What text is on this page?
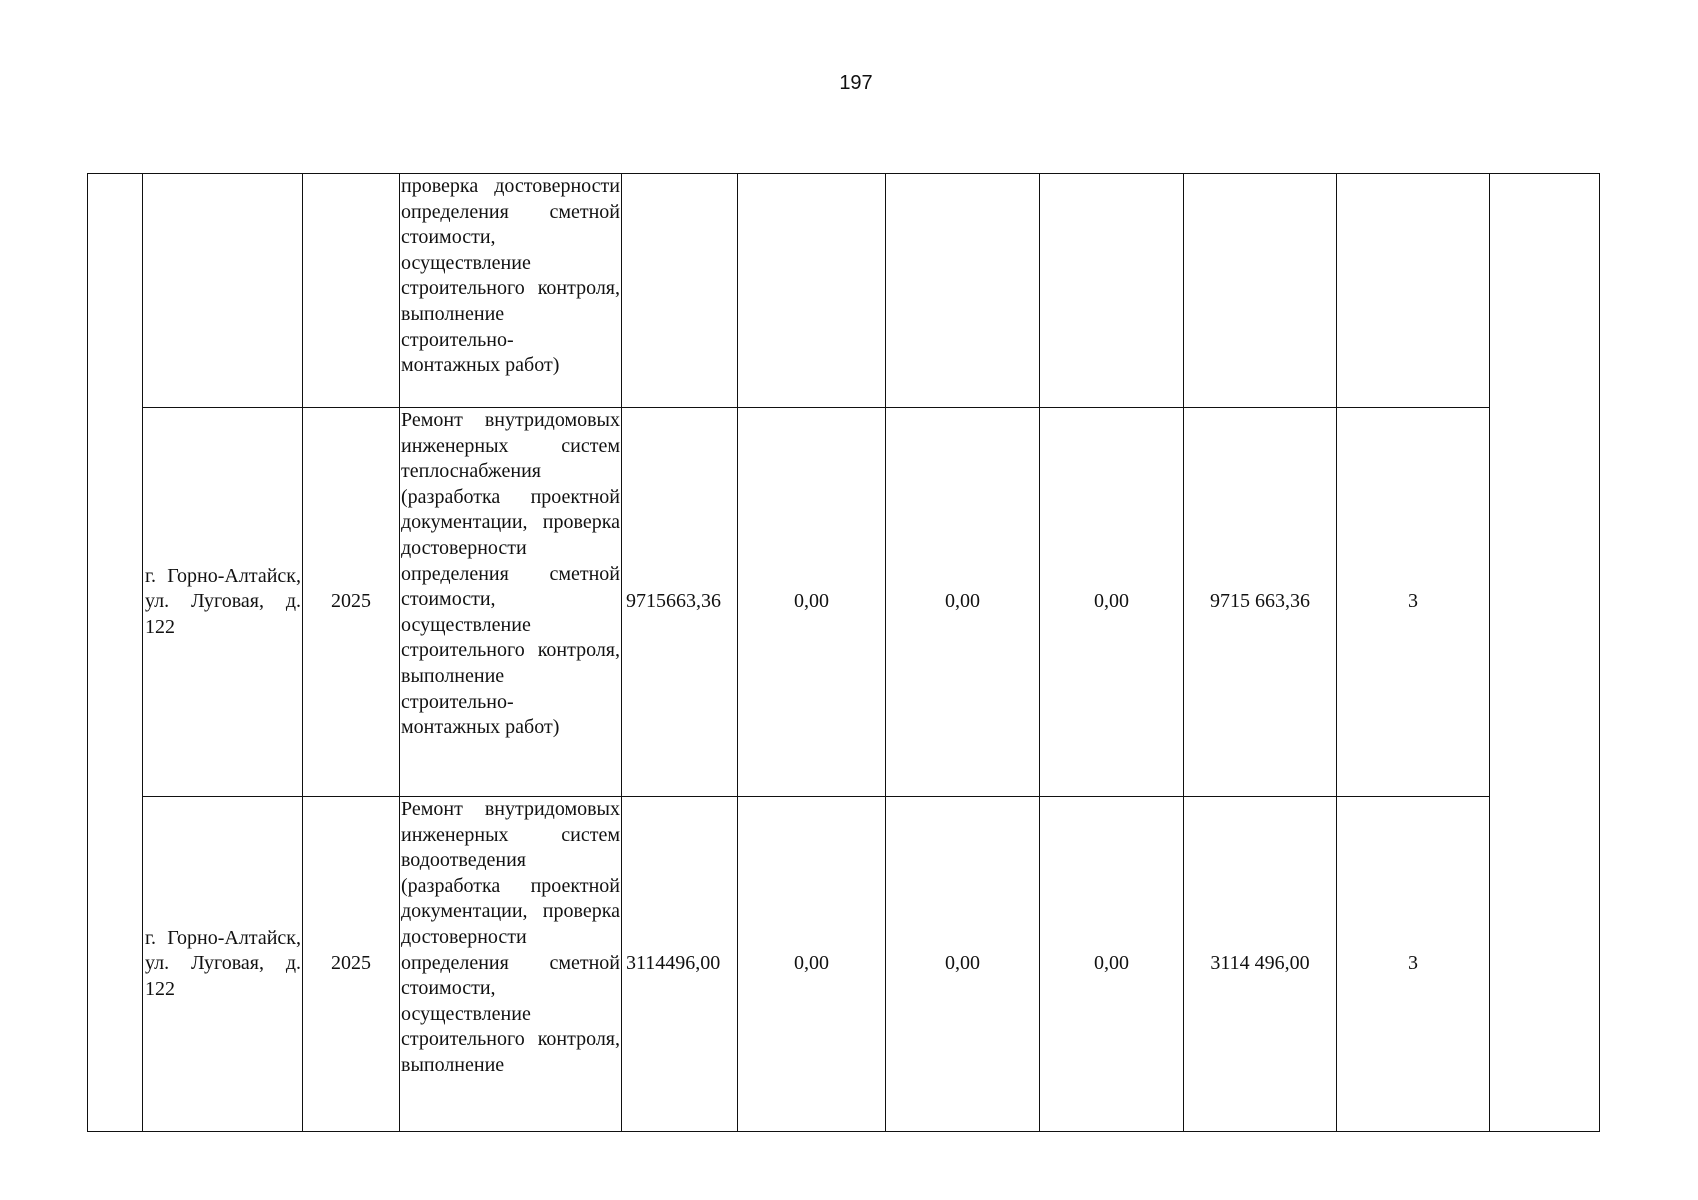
197
			проверка достоверности определения сметной стоимости, осуществление строительного контроля, выполнение строительно-
монтажных работ)							
	г. Горно-Алтайск, ул. Луговая, д. 122	2025	Ремонт внутридомовых инженерных систем теплоснабжения (разработка проектной документации, проверка достоверности определения сметной стоимости, осуществление строительного контроля, выполнение строительно-
монтажных работ)	9715663,36	0,00	0,00	0,00	9715 663,36	3	
	г. Горно-Алтайск, ул. Луговая, д. 122	2025	Ремонт внутридомовых инженерных систем водоотведения (разработка проектной документации, проверка достоверности определения сметной стоимости, осуществление строительного контроля, выполнение	3114496,00	0,00	0,00	0,00	3114 496,00	3	
